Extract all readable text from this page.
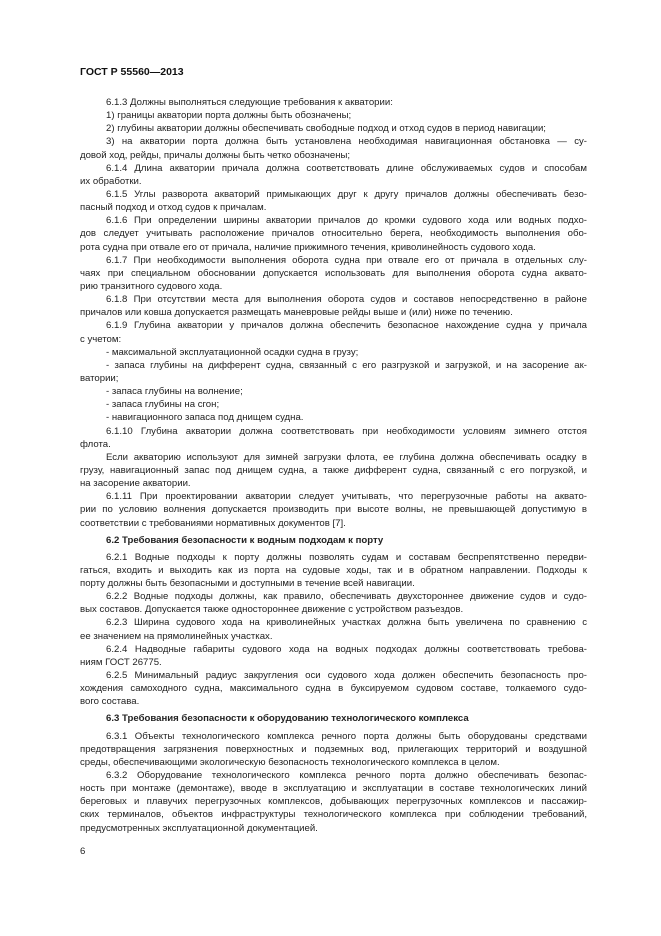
ГОСТ Р 55560—2013
6.1.3 Должны выполняться следующие требования к акватории:
1) границы акватории порта должны быть обозначены;
2) глубины акватории должны обеспечивать свободные подход и отход судов в период навигации;
3) на акватории порта должна быть установлена необходимая навигационная обстановка — су-
довой ход, рейды, причалы должны быть четко обозначены;
6.1.4 Длина акватории причала должна соответствовать длине обслуживаемых судов и способам
их обработки.
6.1.5 Углы разворота акваторий примыкающих друг к другу причалов должны обеспечивать безо-
пасный подход и отход судов к причалам.
6.1.6 При определении ширины акватории причалов до кромки судового хода или водных подхо-
дов следует учитывать расположение причалов относительно берега, необходимость выполнения обо-
рота судна при отвале его от причала, наличие прижимного течения, криволинейность судового хода.
6.1.7 При необходимости выполнения оборота судна при отвале его от причала в отдельных слу-
чаях при специальном обосновании допускается использовать для выполнения оборота судна аквато-
рию транзитного судового хода.
6.1.8 При отсутствии места для выполнения оборота судов и составов непосредственно в районе
причалов или ковша допускается размещать маневровые рейды выше и (или) ниже по течению.
6.1.9 Глубина акватории у причалов должна обеспечить безопасное нахождение судна у причала
с учетом:
- максимальной эксплуатационной осадки судна в грузу;
- запаса глубины на дифферент судна, связанный с его разгрузкой и загрузкой, и на засорение ак-
ватории;
- запаса глубины на волнение;
- запаса глубины на сгон;
- навигационного запаса под днищем судна.
6.1.10 Глубина акватории должна соответствовать при необходимости условиям зимнего отстоя
флота.
Если акваторию используют для зимней загрузки флота, ее глубина должна обеспечивать осадку в
грузу, навигационный запас под днищем судна, а также дифферент судна, связанный с его погрузкой, и
на засорение акватории.
6.1.11 При проектировании акватории следует учитывать, что перегрузочные работы на аквато-
рии по условию волнения допускается производить при высоте волны, не превышающей допустимую в
соответствии с требованиями нормативных документов [7].
6.2 Требования безопасности к водным подходам к порту
6.2.1 Водные подходы к порту должны позволять судам и составам беспрепятственно передви-
гаться, входить и выходить как из порта на судовые ходы, так и в обратном направлении. Подходы к
порту должны быть безопасными и доступными в течение всей навигации.
6.2.2 Водные подходы должны, как правило, обеспечивать двухстороннее движение судов и судо-
вых составов. Допускается также одностороннее движение с устройством разъездов.
6.2.3 Ширина судового хода на криволинейных участках должна быть увеличена по сравнению с
ее значением на прямолинейных участках.
6.2.4 Надводные габариты судового хода на водных подходах должны соответствовать требова-
ниям ГОСТ 26775.
6.2.5 Минимальный радиус закругления оси судового хода должен обеспечить безопасность про-
хождения самоходного судна, максимального судна в буксируемом судовом составе, толкаемого судо-
вого состава.
6.3 Требования безопасности к оборудованию технологического комплекса
6.3.1 Объекты технологического комплекса речного порта должны быть оборудованы средствами
предотвращения загрязнения поверхностных и подземных вод, прилегающих территорий и воздушной
среды, обеспечивающими экологическую безопасность технологического комплекса в целом.
6.3.2 Оборудование технологического комплекса речного порта должно обеспечивать безопас-
ность при монтаже (демонтаже), вводе в эксплуатацию и эксплуатации в составе технологических линий
береговых и плавучих перегрузочных комплексов, добывающих перегрузочных комплексов и пассажир-
ских терминалов, объектов инфраструктуры технологического комплекса при соблюдении требований,
предусмотренных эксплуатационной документацией.
6
